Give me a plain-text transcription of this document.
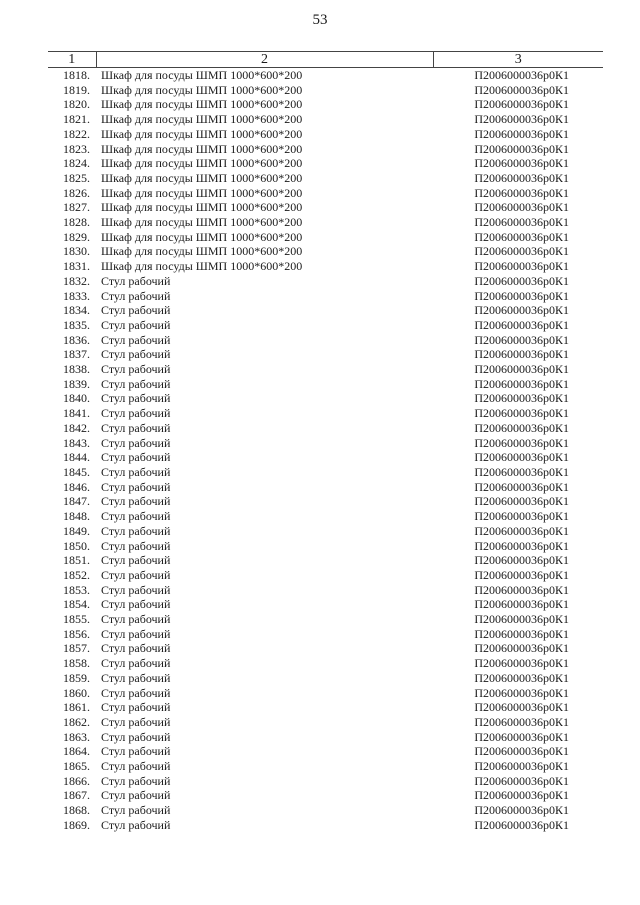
53
1	2	3
1818.	Шкаф для посуды ШМП 1000*600*200	П2006000036р0К1
1819.	Шкаф для посуды ШМП 1000*600*200	П2006000036р0К1
1820.	Шкаф для посуды ШМП 1000*600*200	П2006000036р0К1
1821.	Шкаф для посуды ШМП 1000*600*200	П2006000036р0К1
1822.	Шкаф для посуды ШМП 1000*600*200	П2006000036р0К1
1823.	Шкаф для посуды ШМП 1000*600*200	П2006000036р0К1
1824.	Шкаф для посуды ШМП 1000*600*200	П2006000036р0К1
1825.	Шкаф для посуды ШМП 1000*600*200	П2006000036р0К1
1826.	Шкаф для посуды ШМП 1000*600*200	П2006000036р0К1
1827.	Шкаф для посуды ШМП 1000*600*200	П2006000036р0К1
1828.	Шкаф для посуды ШМП 1000*600*200	П2006000036р0К1
1829.	Шкаф для посуды ШМП 1000*600*200	П2006000036р0К1
1830.	Шкаф для посуды ШМП 1000*600*200	П2006000036р0К1
1831.	Шкаф для посуды ШМП 1000*600*200	П2006000036р0К1
1832.	Стул рабочий	П2006000036р0К1
1833.	Стул рабочий	П2006000036р0К1
1834.	Стул рабочий	П2006000036р0К1
1835.	Стул рабочий	П2006000036р0К1
1836.	Стул рабочий	П2006000036р0К1
1837.	Стул рабочий	П2006000036р0К1
1838.	Стул рабочий	П2006000036р0К1
1839.	Стул рабочий	П2006000036р0К1
1840.	Стул рабочий	П2006000036р0К1
1841.	Стул рабочий	П2006000036р0К1
1842.	Стул рабочий	П2006000036р0К1
1843.	Стул рабочий	П2006000036р0К1
1844.	Стул рабочий	П2006000036р0К1
1845.	Стул рабочий	П2006000036р0К1
1846.	Стул рабочий	П2006000036р0К1
1847.	Стул рабочий	П2006000036р0К1
1848.	Стул рабочий	П2006000036р0К1
1849.	Стул рабочий	П2006000036р0К1
1850.	Стул рабочий	П2006000036р0К1
1851.	Стул рабочий	П2006000036р0К1
1852.	Стул рабочий	П2006000036р0К1
1853.	Стул рабочий	П2006000036р0К1
1854.	Стул рабочий	П2006000036р0К1
1855.	Стул рабочий	П2006000036р0К1
1856.	Стул рабочий	П2006000036р0К1
1857.	Стул рабочий	П2006000036р0К1
1858.	Стул рабочий	П2006000036р0К1
1859.	Стул рабочий	П2006000036р0К1
1860.	Стул рабочий	П2006000036р0К1
1861.	Стул рабочий	П2006000036р0К1
1862.	Стул рабочий	П2006000036р0К1
1863.	Стул рабочий	П2006000036р0К1
1864.	Стул рабочий	П2006000036р0К1
1865.	Стул рабочий	П2006000036р0К1
1866.	Стул рабочий	П2006000036р0К1
1867.	Стул рабочий	П2006000036р0К1
1868.	Стул рабочий	П2006000036р0К1
1869.	Стул рабочий	П2006000036р0К1
